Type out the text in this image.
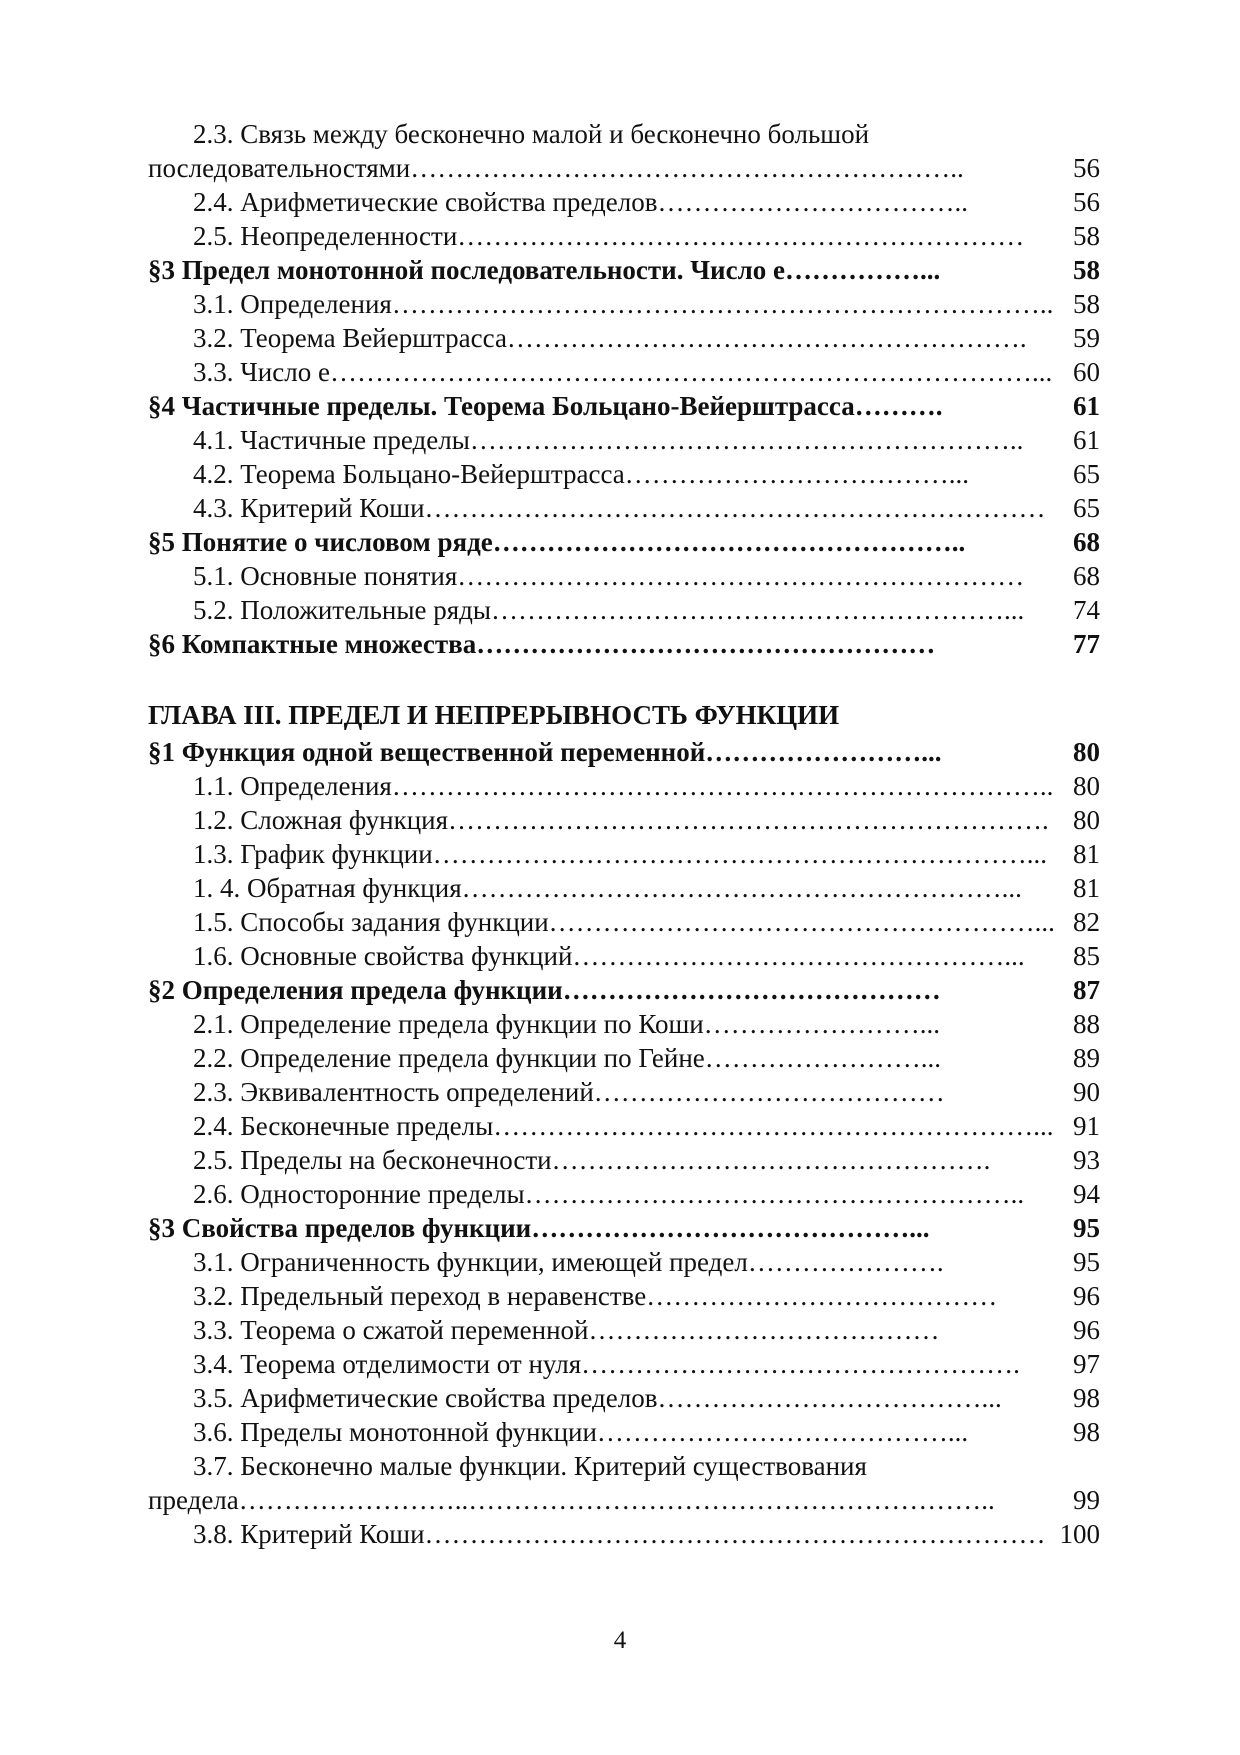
2.3. Связь между бесконечно малой и бесконечно большой
последовательностями……………………………………………………..	56
2.4. Арифметические свойства пределов……………………………..	56
2.5. Неопределенности………………………………………………………	58
§3 Предел монотонной последовательности. Число е……………...	58
3.1. Определения……………………………………………………………….. 58
3.2. Теорема Вейерштрасса………………………………………………….	59
3.3. Число е……………………………………………………………………... 60
§4 Частичные пределы. Теорема Больцано-Вейерштрасса……….	61
4.1. Частичные пределы……………………………………………………..	61
4.2. Теорема Больцано-Вейерштрасса………………………………...	65
4.3. Критерий Коши……………………………………………………………	65
§5 Понятие о числовом ряде……………………………………………..	68
5.1. Основные понятия………………………………………………………	68
5.2. Положительные ряды…………………………………………………...	74
§6 Компактные множества……………………………………………	77
ГЛАВА III. ПРЕДЕЛ И НЕПРЕРЫВНОСТЬ ФУНКЦИИ
§1 Функция одной вещественной переменной……………………...	80
1.1. Определения……………………………………………………………….. 80
1.2. Сложная функция…………………………………………………………. 80
1.3. График функции…………………………………………………………... 81
1. 4. Обратная функция……………………………………………………...	81
1.5. Способы задания функции………………………………………………... 82
1.6. Основные свойства функций…………………………………………...	85
§2 Определения предела функции……………………………………	87
2.1. Определение предела функции по Коши……………………...	88
2.2. Определение предела функции по Гейне……………………...	89
2.3. Эквивалентность определений…………………………………	90
2.4. Бесконечные пределы……………………………………………………... 91
2.5. Пределы на бесконечности………………………………………….	93
2.6. Односторонние пределы………………………………………………..	94
§3 Свойства пределов функции……………………………………...	95
3.1. Ограниченность функции, имеющей предел………………….	95
3.2. Предельный переход в неравенстве…………………………………	96
3.3. Теорема о сжатой переменной…………………………………	96
3.4. Теорема отделимости от нуля………………………………………….	97
3.5. Арифметические свойства пределов………………………………...	98
3.6. Пределы монотонной функции…………………………………...	98
3.7. Бесконечно малые функции. Критерий существования
предела……………………..…………………………………………………..	99
3.8. Критерий Коши…………………………………………………………… 100
4
